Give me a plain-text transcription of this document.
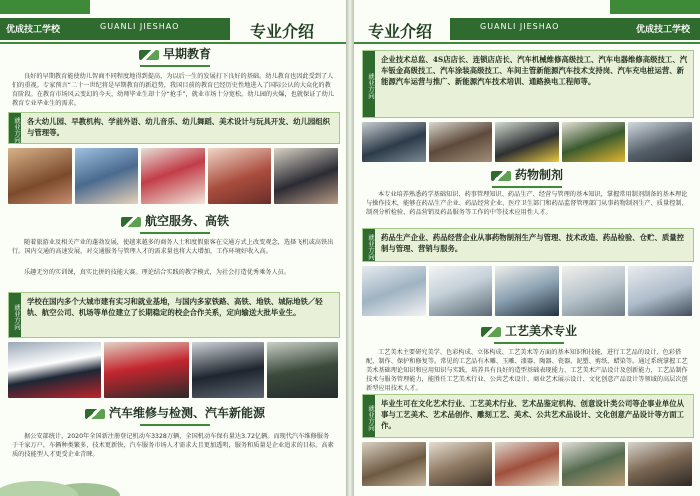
优成技工学校	GUANLI JIESHAO	专业介绍
早期教育
良好的早期教育能使幼儿智商不同程度地得到提高，为以后一生的发展打下良好的基础。幼儿教育也因此受到了人们的重视。专家预言“二十一世纪将是早期教育的新趋势，我国目前的教育已经历史性地进入了国际公认的大众化的教育阶段。在教育市场风云变幻的今天，幼师毕业生却十分“抢手”，就业市场十分宽松。幼儿园的火爆，也就保证了幼儿教育专业毕业生的需求。
就业方向 各大幼儿园、早教机构、学前外语、幼儿音乐、幼儿舞蹈、美术设计与玩具开发、幼儿园组织与管理等。
航空服务、高铁
随着旅游业及相关产业的蓬勃发展，使越来越多的商务人士和度假旅客在交通方式上改变观念，选择飞机或高铁出行。国内交通的高速发展，对交通服务与管理人才的需求量也将大大增加，工作环境好收入高。
乐趣无穷的实训课，真实比拼的技能大赛。理论结合实践的教学模式，为社会打造优秀乘务人员。
就业方向
学校在国内多个大城市建有实习和就业基地，与国内多家铁路、高铁、地铁、城际地铁／轻轨、航空公司、机场等单位建立了长期稳定的校企合作关系，定向输送大批毕业生。
汽车维修与检测、汽车新能源
据公安部统计，2020年全国新注册登记机动车3328万辆，全国机动车保有量达3.72亿辆。而现代汽车维修服务于千家万户，车辆种类繁多，技术更新快，汽车服务市场人才需求大且更加透明，服务和质量是企业追求的目标。高素质的技能型人才更受企业青睐。
专业介绍	GUANLI JIESHAO	优成技工学校
就业方向
企业技术总监、4S店店长、连锁店店长、汽车机械维修高级技工、汽车电器维修高级技工、汽车钣金高级技工、汽车涂装高级技工、车间主管新能源汽车技术支持岗、汽车充电桩运营、新能源汽车运营与推广、新能源汽车技术培训、通路换电工程师等。
药物制剂
本专业培养熟悉药学基础知识、药事管理知识、药品生产、经营与管理的基本知识，掌握常用制剂制备的基本理论与操作技术，能够在药品生产企业、药品经营企业、医疗卫生部门和药品监督管理部门从事药物制剂生产、质量控制、制剂分析检验、药品营销及药品服务等工作的中等技术应用性人才。
就业方向 药品生产企业、药品经营企业从事药物制剂生产与管理、技术改造、药品检验、仓贮、质量控制与管理、营销与服务。
工艺美术专业
工艺美术主要研究美学、色彩构成、立体构成、工艺美术等方面的基本知识和技能，进行工艺品的设计、色彩搭配、制作、保护和修复等。常见的工艺品有木雕、玉雕、漆器、陶器、瓷器、泥塑、剪纸、蜡染等。通过系统掌握工艺美术基础理论知识和应用知识与实践，培养具有良好的造型基础表现能力、工艺美术产品设计及创新能力，工艺品制作技术与服务管理能力，能胜任工艺美术行业、公共艺术设计、商业艺术展示设计、文化创意产品设计等领域的高层次创新型应用技术人才。
就业方向
毕业生可在文化艺术行业、工艺美术行业、艺术品鉴定机构、创意设计类公司等企事业单位从事与工艺美术、艺术品创作、雕刻工艺、美术、公共艺术品设计、文化创意产品设计等方面工作。
